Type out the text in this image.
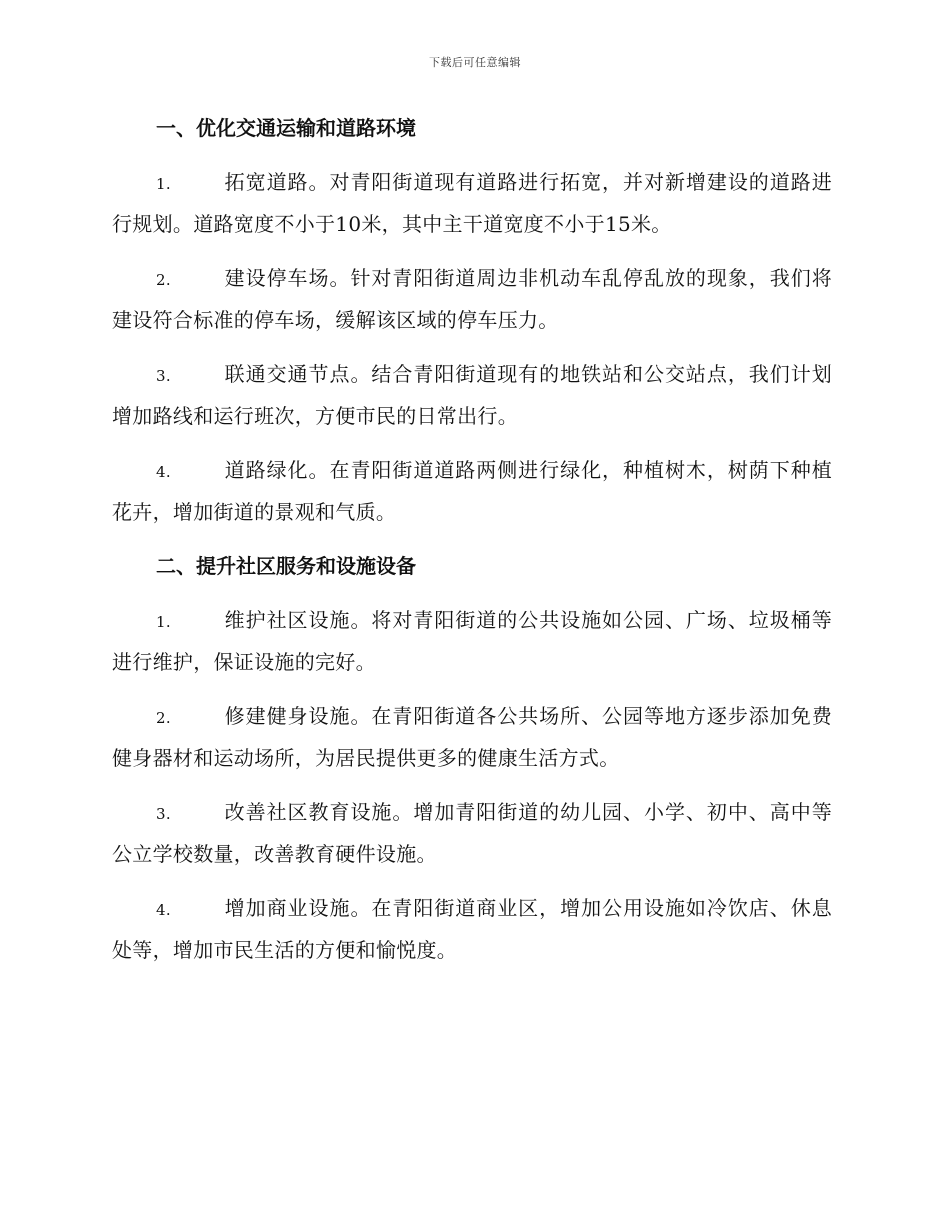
下载后可任意编辑
一、优化交通运输和道路环境

1.	拓宽道路。对青阳街道现有道路进行拓宽，并对新增建设的道路进行规划。道路宽度不小于10米，其中主干道宽度不小于15米。

2.	建设停车场。针对青阳街道周边非机动车乱停乱放的现象，我们将建设符合标准的停车场，缓解该区域的停车压力。

3.	联通交通节点。结合青阳街道现有的地铁站和公交站点，我们计划增加路线和运行班次，方便市民的日常出行。

4.	道路绿化。在青阳街道道路两侧进行绿化，种植树木，树荫下种植花卉，增加街道的景观和气质。

二、提升社区服务和设施设备

1.	维护社区设施。将对青阳街道的公共设施如公园、广场、垃圾桶等进行维护，保证设施的完好。

2.	修建健身设施。在青阳街道各公共场所、公园等地方逐步添加免费健身器材和运动场所，为居民提供更多的健康生活方式。

3.	改善社区教育设施。增加青阳街道的幼儿园、小学、初中、高中等公立学校数量，改善教育硬件设施。

4.	增加商业设施。在青阳街道商业区，增加公用设施如冷饮店、休息处等，增加市民生活的方便和愉悦度。
